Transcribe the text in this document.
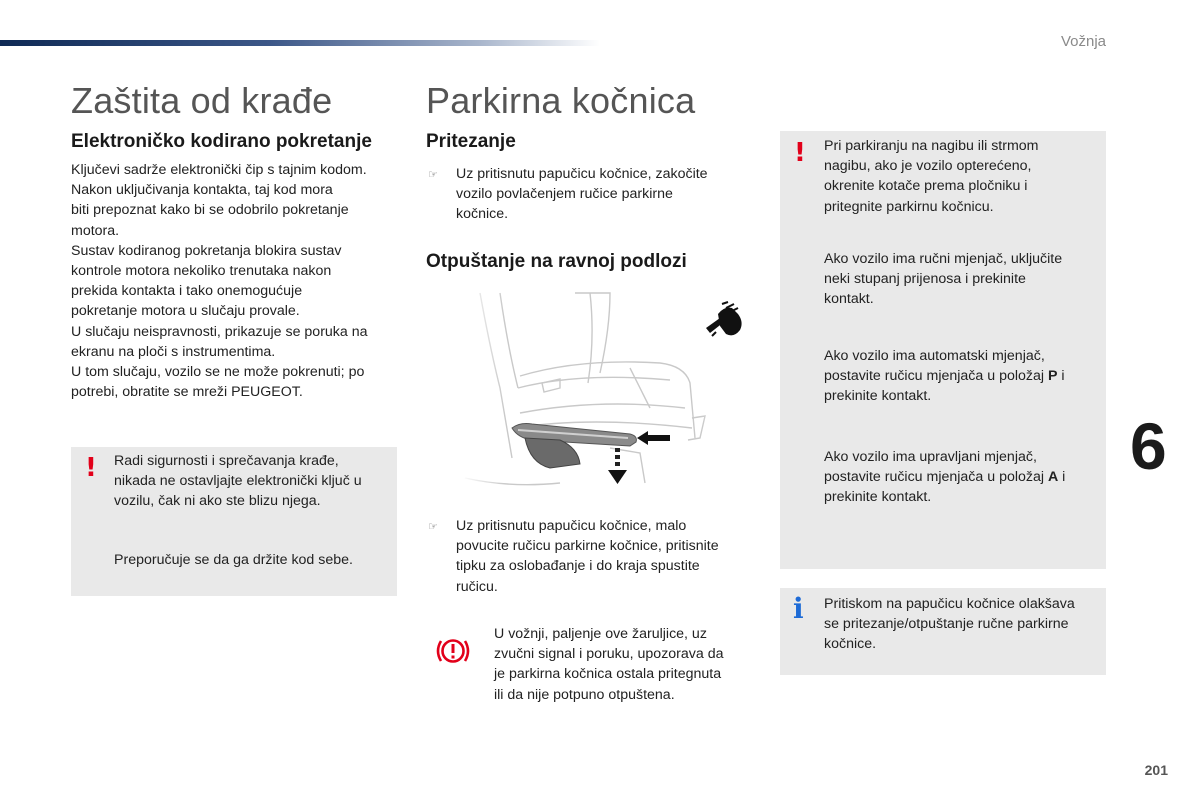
Vožnja
6
201
Zaštita od krađe
Elektroničko kodirano pokretanje
Ključevi sadrže elektronički čip s tajnim kodom.
Nakon uključivanja kontakta, taj kod mora
biti prepoznat kako bi se odobrilo pokretanje
motora.
Sustav kodiranog pokretanja blokira sustav
kontrole motora nekoliko trenutaka nakon
prekida kontakta i tako onemogućuje
pokretanje motora u slučaju provale.
U slučaju neispravnosti, prikazuje se poruka na
ekranu na ploči s instrumentima.
U tom slučaju, vozilo se ne može pokrenuti; po
potrebi, obratite se mreži PEUGEOT.
! Radi sigurnosti i sprečavanja krađe,
nikada ne ostavljajte elektronički ključ u
vozilu, čak ni ako ste blizu njega.

Preporučuje se da ga držite kod sebe.

Parkirna kočnica
Pritezanje
☞ Uz pritisnutu papučicu kočnice, zakočite
vozilo povlačenjem ručice parkirne
kočnice.
Otpuštanje na ravnoj podlozi
☞ Uz pritisnutu papučicu kočnice, malo
povucite ručicu parkirne kočnice, pritisnite
tipku za oslobađanje i do kraja spustite
ručicu.
U vožnji, paljenje ove žaruljice, uz
zvučni signal i poruku, upozorava da
je parkirna kočnica ostala pritegnuta
ili da nije potpuno otpuštena.
! Pri parkiranju na nagibu ili strmom
nagibu, ako je vozilo opterećeno,
okrenite kotače prema pločniku i
pritegnite parkirnu kočnicu.

Ako vozilo ima ručni mjenjač, uključite
neki stupanj prijenosa i prekinite
kontakt.

Ako vozilo ima automatski mjenjač,
postavite ručicu mjenjača u položaj P i
prekinite kontakt.

Ako vozilo ima upravljani mjenjač,
postavite ručicu mjenjača u položaj A i
prekinite kontakt.

i Pritiskom na papučicu kočnice olakšava
se pritezanje/otpuštanje ručne parkirne
kočnice.
